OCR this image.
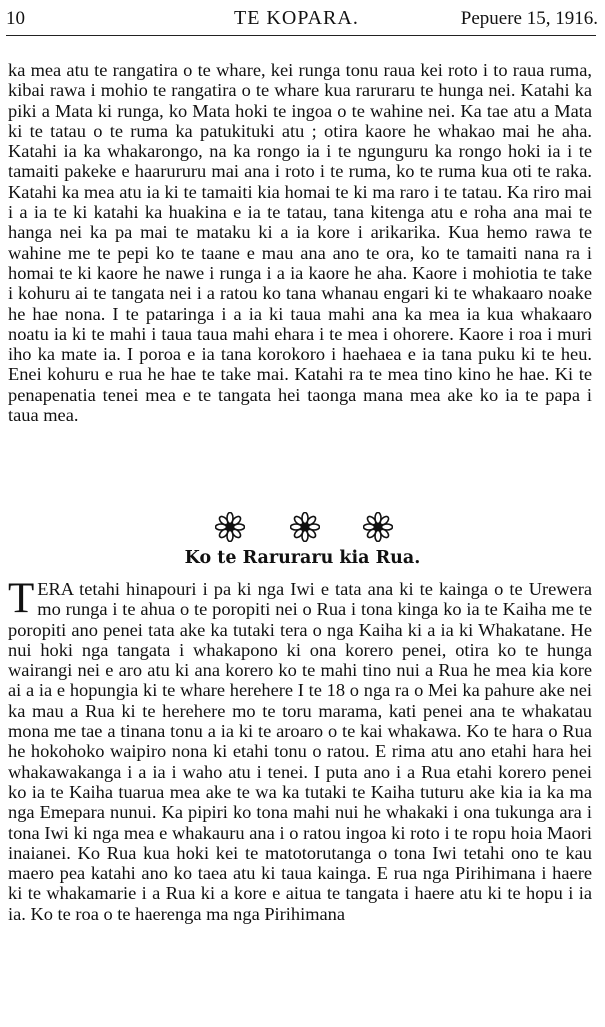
10	TE KOPARA.	Pepuere 15, 1916.
ka mea atu te rangatira o te whare, kei runga tonu raua kei roto i to raua ruma, kibai rawa i mohio te rangatira o te whare kua raruraru te hunga nei. Katahi ka piki a Mata ki runga, ko Mata hoki te ingoa o te wahine nei. Ka tae atu a Mata ki te tatau o te ruma ka patukituki atu ; otira kaore he whakao mai he aha. Katahi ia ka whakarongo, na ka rongo ia i te ngunguru ka rongo hoki ia i te tamaiti pakeke e haarururu mai ana i roto i te ruma, ko te ruma kua oti te raka. Katahi ka mea atu ia ki te tamaiti kia homai te ki ma raro i te tatau. Ka riro mai i a ia te ki katahi ka huakina e ia te tatau, tana kitenga atu e roha ana mai te hanga nei ka pa mai te mataku ki a ia kore i arikarika. Kua hemo rawa te wahine me te pepi ko te taane e mau ana ano te ora, ko te tamaiti nana ra i homai te ki kaore he nawe i runga i a ia kaore he aha. Kaore i mohiotia te take i kohuru ai te tangata nei i a ratou ko tana whanau engari ki te whakaaro noake he hae nona. I te pataringa i a ia ki taua mahi ana ka mea ia kua whakaaro noatu ia ki te mahi i taua taua mahi ehara i te mea i ohorere. Kaore i roa i muri iho ka mate ia. I poroa e ia tana korokoro i haehaea e ia tana puku ki te heu. Enei kohuru e rua he hae te take mai. Katahi ra te mea tino kino he hae. Ki te penapenatia tenei mea e te tangata hei taonga mana mea ake ko ia te papa i taua mea.
Ko te Raruraru kia Rua.
TERA tetahi hinapouri i pa ki nga Iwi e tata ana ki te kainga o te Urewera mo runga i te ahua o te poropiti nei o Rua i tona kinga ko ia te Kaiha me te poropiti ano penei tata ake ka tutaki tera o nga Kaiha ki a ia ki Whakatane. He nui hoki nga tangata i whakapono ki ona korero penei, otira ko te hunga wairangi nei e aro atu ki ana korero ko te mahi tino nui a Rua he mea kia kore ai a ia e hopungia ki te whare herehere I te 18 o nga ra o Mei ka pahure ake nei ka mau a Rua ki te herehere mo te toru marama, kati penei ana te whakatau mona me tae a tinana tonu a ia ki te aroaro o te kai whakawa. Ko te hara o Rua he hokohoko waipiro nona ki etahi tonu o ratou. E rima atu ano etahi hara hei whakawakanga i a ia i waho atu i tenei. I puta ano i a Rua etahi korero penei ko ia te Kaiha tuarua mea ake te wa ka tutaki te Kaiha tuturu ake kia ia ka ma nga Emepara nunui. Ka pipiri ko tona mahi nui he whakaki i ona tukunga ara i tona Iwi ki nga mea e whakauru ana i o ratou ingoa ki roto i te ropu hoia Maori inaianei. Ko Rua kua hoki kei te matotorutanga o tona Iwi tetahi ono te kau maero pea katahi ano ko taea atu ki taua kainga. E rua nga Pirihimana i haere ki te whakamarie i a Rua ki a kore e aitua te tangata i haere atu ki te hopu i ia ia. Ko te roa o te haerenga ma nga Pirihimana
